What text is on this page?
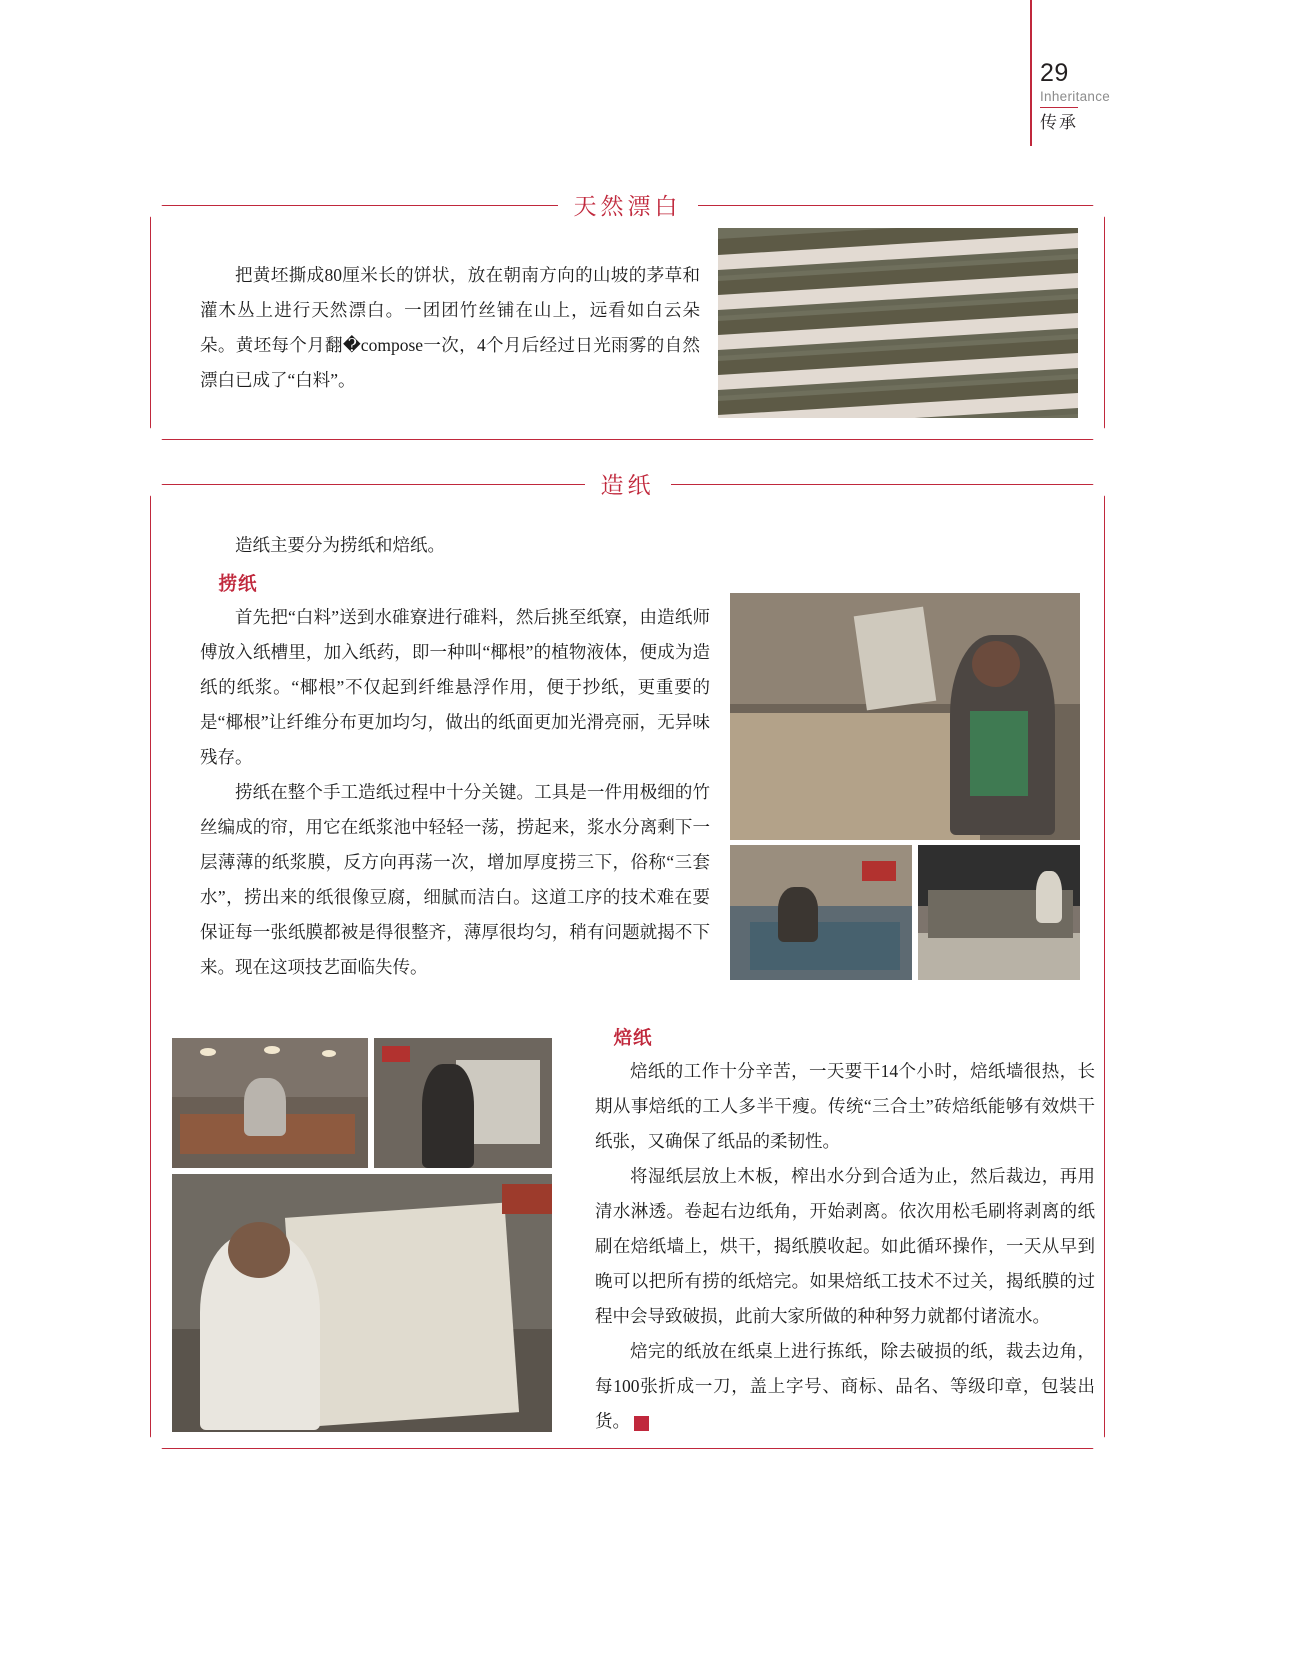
29
Inheritance
传承
天然漂白

把黄坯撕成80厘米长的饼状，放在朝南方向的山坡的茅草和灌木丛上进行天然漂白。一团团竹丝铺在山上，远看如白云朵朵。黄坯每个月翻�compose一次，4个月后经过日光雨雾的自然漂白已成了“白料”。

造纸

造纸主要分为捞纸和焙纸。

捞纸

首先把“白料”送到水碓寮进行碓料，然后挑至纸寮，由造纸师傅放入纸槽里，加入纸药，即一种叫“椰根”的植物液体，便成为造纸的纸浆。“椰根”不仅起到纤维悬浮作用，便于抄纸，更重要的是“椰根”让纤维分布更加均匀，做出的纸面更加光滑亮丽，无异味残存。

捞纸在整个手工造纸过程中十分关键。工具是一件用极细的竹丝编成的帘，用它在纸浆池中轻轻一荡，捞起来，浆水分离剩下一层薄薄的纸浆膜，反方向再荡一次，增加厚度捞三下，俗称“三套水”，捞出来的纸很像豆腐，细腻而洁白。这道工序的技术难在要保证每一张纸膜都被是得很整齐，薄厚很均匀，稍有问题就揭不下来。现在这项技艺面临失传。

焙纸

焙纸的工作十分辛苦，一天要干14个小时，焙纸墙很热，长期从事焙纸的工人多半干瘦。传统“三合土”砖焙纸能够有效烘干纸张，又确保了纸品的柔韧性。

将湿纸层放上木板，榨出水分到合适为止，然后裁边，再用清水淋透。卷起右边纸角，开始剥离。依次用松毛刷将剥离的纸刷在焙纸墙上，烘干，揭纸膜收起。如此循环操作，一天从早到晚可以把所有捞的纸焙完。如果焙纸工技术不过关，揭纸膜的过程中会导致破损，此前大家所做的种种努力就都付诸流水。

焙完的纸放在纸桌上进行拣纸，除去破损的纸，裁去边角，每100张折成一刀，盖上字号、商标、品名、等级印章，包装出货。	S
